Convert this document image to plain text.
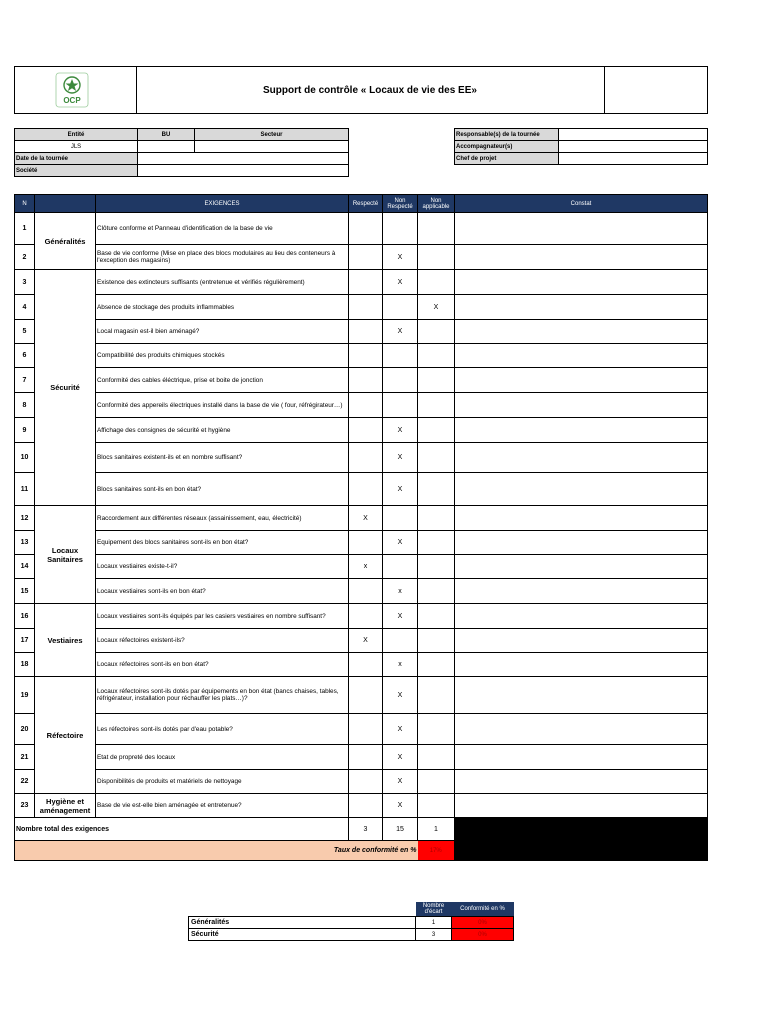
OCP
Support de contrôle « Locaux de vie des EE»
Entité	BU	Secteur
JLS		
Date de la tournée		
Société		
Responsable(s) de la tournée	
Accompagnateur(s)	
Chef de projet	
N		EXIGENCES	Respecté	Non Respecté	Non applicable	Constat
1	Généralités	Clôture conforme et Panneau d'identification de la base de vie				
2		Base de vie conforme (Mise en place des blocs modulaires au lieu des conteneurs à l'exception des magasins)		X		
3	Sécurité	Existence des extincteurs suffisants (entretenue et vérifiés régulièrement)		X		
4		Absence de stockage des produits inflammables			X	
5		Local magasin est-il bien aménagé?		X		
6		Compatibilité des produits chimiques stockés				
7		Conformité des cables éléctrique, prise et boite de jonction				
8		Conformité des appereils électriques installé dans la base de vie ( four, réfrégirateur…)				
9		Affichage des consignes de sécurité et hygiène		X		
10		Blocs sanitaires existent-ils et en nombre suffisant?		X		
11		Blocs sanitaires sont-ils en bon état?		X		
12	Locaux Sanitaires	Raccordement aux différentes réseaux (assainissement, eau, électricité)	X			
13		Equipement des blocs sanitaires sont-ils en bon état?		X		
14		Locaux vestiaires existe-t-il?	x			
15		Locaux vestiaires sont-ils en bon état?		x		
16	Vestiaires	Locaux vestiaires sont-ils équipés par les casiers vestiaires en nombre suffisant?		X		
17		Locaux réfectoires existent-ils?	X			
18		Locaux réfectoires sont-ils en bon état?		x		
19	Réfectoire	Locaux réfectoires sont-ils dotés par équipements en bon état (bancs chaises, tables, réfrigérateur, installation pour réchauffer les plats…)?		X		
20		Les réfectoires sont-ils dotés par d'eau potable?		X		
21		Etat de propreté des locaux		X		
22		Disponibilités de produits et matériels de nettoyage		X		
23	Hygiène et aménagement	Base de vie est-elle bien aménagée et entretenue?		X		
Nombre total des exigences			3	15	1	
Taux de conformité en %					17%	
	Nombre d'écart	Conformité en %
Généralités	1	0%
Sécurité	3	0%
